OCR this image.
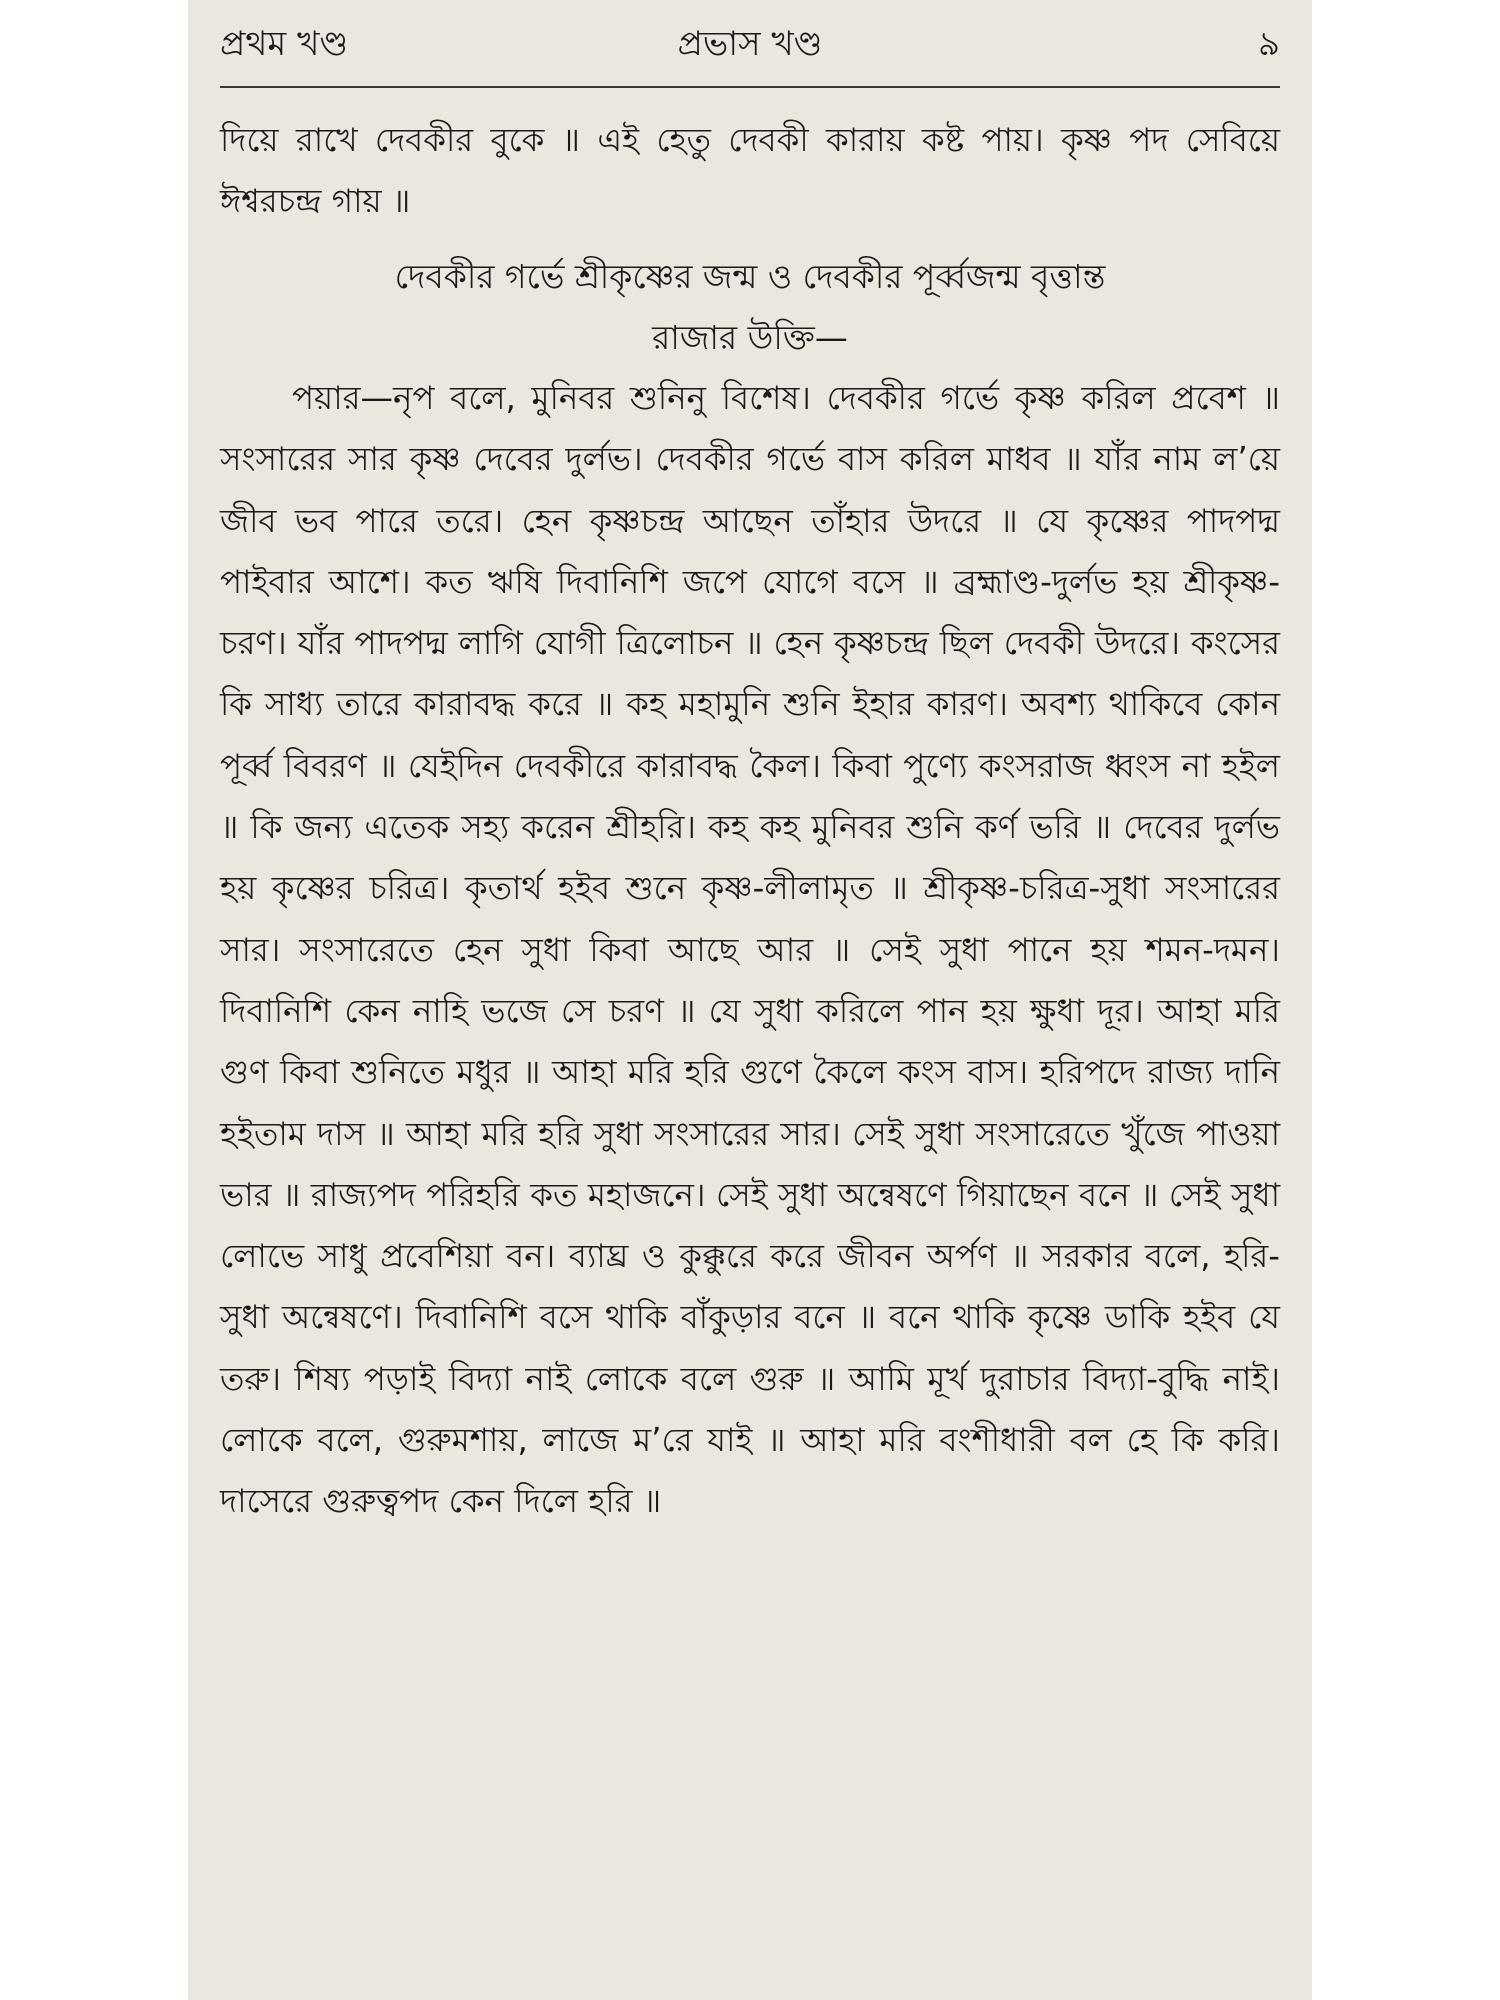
প্রভাস খণ্ড
প্রথম খণ্ড	৯

দিয়ে রাখে দেবকীর বুকে ॥ এই হেতু দেবকী কারায় কষ্ট পায়। কৃষ্ণ পদ সেবিয়ে ঈশ্বরচন্দ্র গায় ॥

দেবকীর গর্ভে শ্রীকৃষ্ণের জন্ম ও দেবকীর পূর্ব্বজন্ম বৃত্তান্ত
রাজার উক্তি—

পয়ার—নৃপ বলে, মুনিবর শুনিনু বিশেষ। দেবকীর গর্ভে কৃষ্ণ করিল প্রবেশ ॥ সংসারের সার কৃষ্ণ দেবের দুর্লভ। দেবকীর গর্ভে বাস করিল মাধব ॥ যাঁর নাম ল’য়ে জীব ভব পারে তরে। হেন কৃষ্ণচন্দ্র আছেন তাঁহার উদরে ॥ যে কৃষ্ণের পাদপদ্ম পাইবার আশে। কত ঋষি দিবানিশি জপে যোগে বসে ॥ ব্রহ্মাণ্ড-দুর্লভ হয় শ্রীকৃষ্ণ-চরণ। যাঁর পাদপদ্ম লাগি যোগী ত্রিলোচন ॥ হেন কৃষ্ণচন্দ্র ছিল দেবকী উদরে। কংসের কি সাধ্য তারে কারাবদ্ধ করে ॥ কহ মহামুনি শুনি ইহার কারণ। অবশ্য থাকিবে কোন পূর্ব্ব বিবরণ ॥ যেইদিন দেবকীরে কারাবদ্ধ কৈল। কিবা পুণ্যে কংসরাজ ধ্বংস না হইল ॥ কি জন্য এতেক সহ্য করেন শ্রীহরি। কহ কহ মুনিবর শুনি কর্ণ ভরি ॥ দেবের দুর্লভ হয় কৃষ্ণের চরিত্র। কৃতার্থ হইব শুনে কৃষ্ণ-লীলামৃত ॥ শ্রীকৃষ্ণ-চরিত্র-সুধা সংসারের সার। সংসারেতে হেন সুধা কিবা আছে আর ॥ সেই সুধা পানে হয় শমন-দমন। দিবানিশি কেন নাহি ভজে সে চরণ ॥ যে সুধা করিলে পান হয় ক্ষুধা দূর। আহা মরি গুণ কিবা শুনিতে মধুর ॥ আহা মরি হরি গুণে কৈলে কংস বাস। হরিপদে রাজ্য দানি হইতাম দাস ॥ আহা মরি হরি সুধা সংসারের সার। সেই সুধা সংসারেতে খুঁজে পাওয়া ভার ॥ রাজ্যপদ পরিহরি কত মহাজনে। সেই সুধা অন্বেষণে গিয়াছেন বনে ॥ সেই সুধা লোভে সাধু প্রবেশিয়া বন। ব্যাঘ্র ও কুক্কুরে করে জীবন অর্পণ ॥ সরকার বলে, হরি-সুধা অন্বেষণে। দিবানিশি বসে থাকি বাঁকুড়ার বনে ॥ বনে থাকি কৃষ্ণে ডাকি হইব যে তরু। শিষ্য পড়াই বিদ্যা নাই লোকে বলে গুরু ॥ আমি মূর্খ দুরাচার বিদ্যা-বুদ্ধি নাই। লোকে বলে, গুরুমশায়, লাজে ম’রে যাই ॥ আহা মরি বংশীধারী বল হে কি করি। দাসেরে গুরুত্বপদ কেন দিলে হরি ॥
